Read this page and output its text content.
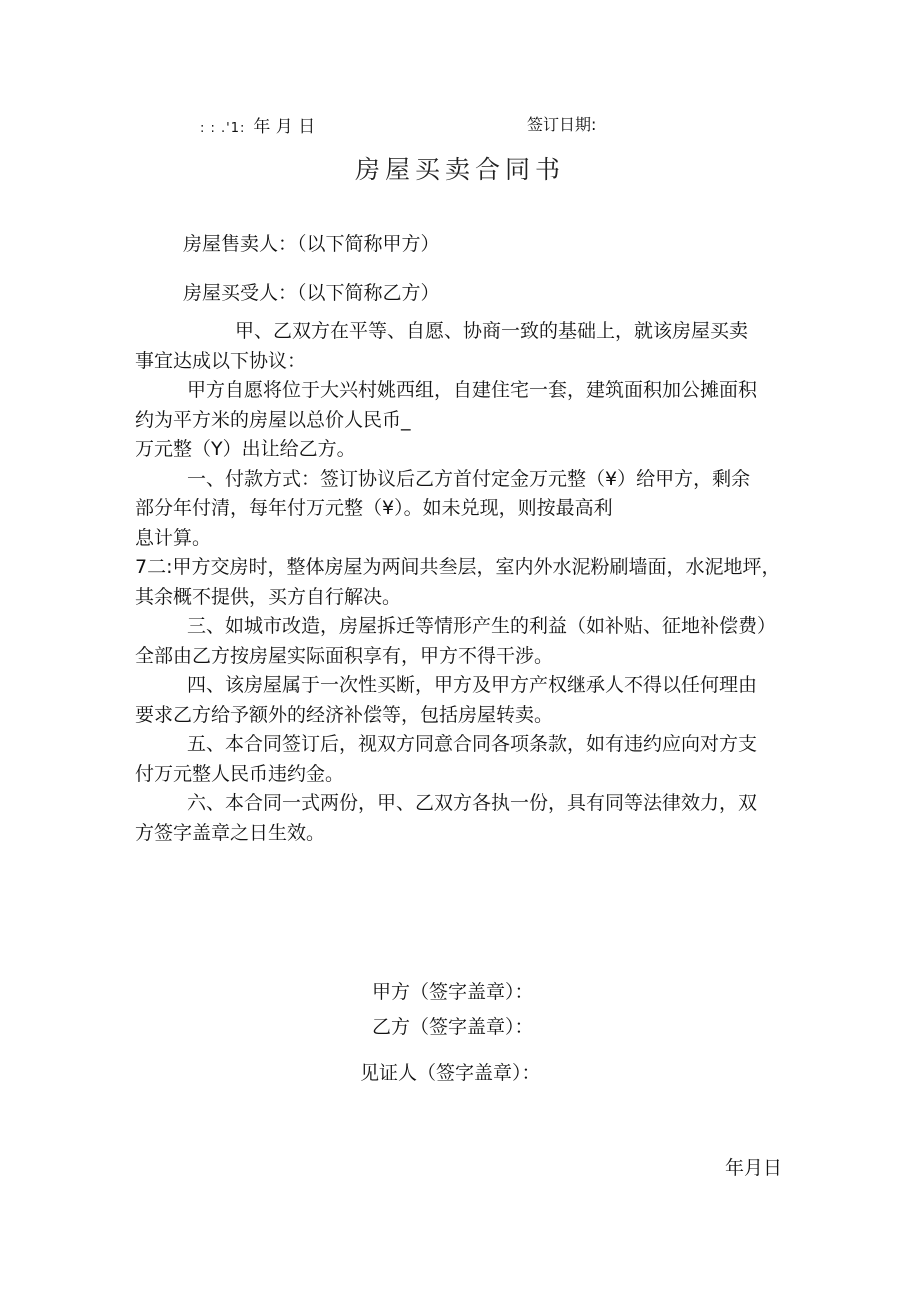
: : .'1: 年 月 日	签订日期:
房屋买卖合同书
房屋售卖人：（以下简称甲方）
房屋买受人：（以下简称乙方）
甲、乙双方在平等、自愿、协商一致的基础上，就该房屋买卖
事宜达成以下协议：
甲方自愿将位于大兴村姚西组，自建住宅一套，建筑面积加公摊面积
约为平方米的房屋以总价人民币_
万元整（Y）出让给乙方。
一、付款方式：签订协议后乙方首付定金万元整（¥）给甲方，剩余
部分年付清，每年付万元整（¥）。如未兑现，则按最高利
息计算。
7二:甲方交房时，整体房屋为两间共叁层，室内外水泥粉刷墙面，水泥地坪，
其余概不提供，买方自行解决。
三、如城市改造，房屋拆迁等情形产生的利益（如补贴、征地补偿费）
全部由乙方按房屋实际面积享有，甲方不得干涉。
四、该房屋属于一次性买断，甲方及甲方产权继承人不得以任何理由
要求乙方给予额外的经济补偿等，包括房屋转卖。
五、本合同签订后，视双方同意合同各项条款，如有违约应向对方支
付万元整人民币违约金。
六、本合同一式两份，甲、乙双方各执一份，具有同等法律效力，双
方签字盖章之日生效。
甲方（签字盖章）：
乙方（签字盖章）：
见证人（签字盖章）：
年月日
